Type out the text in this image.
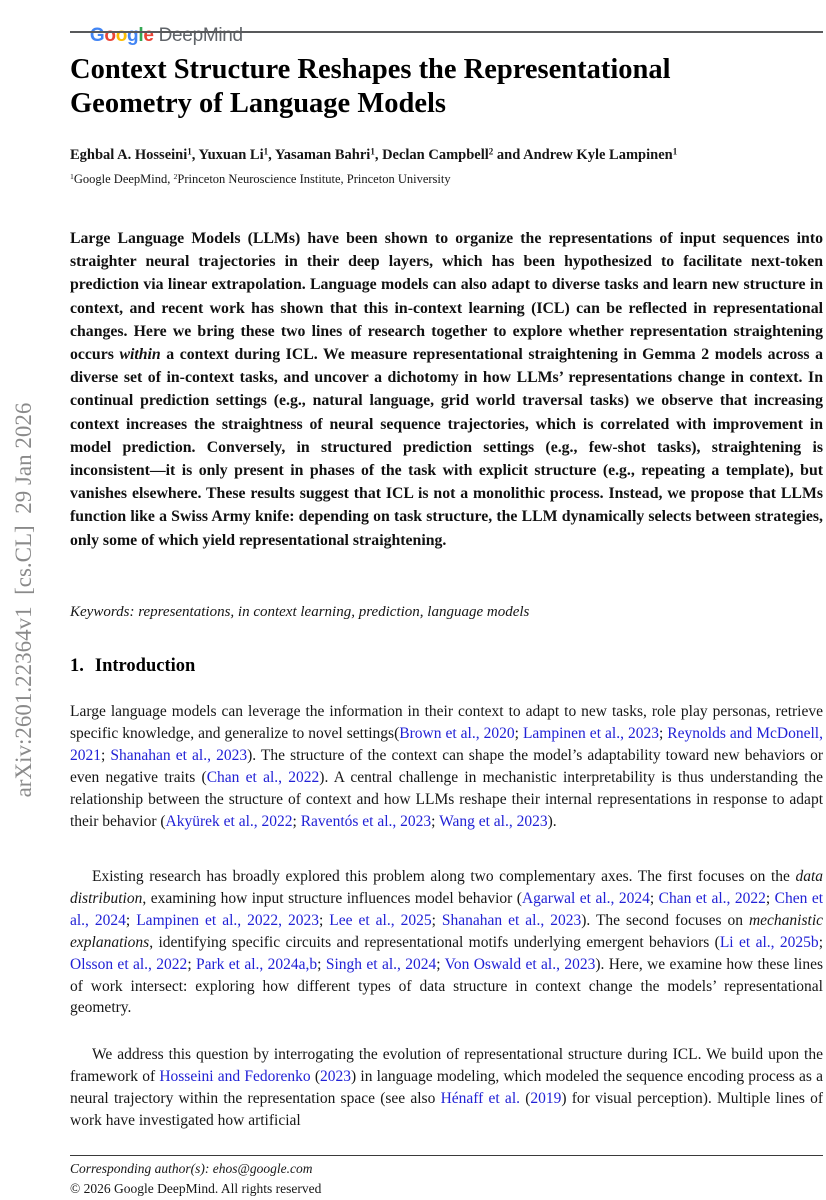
Google DeepMind

arXiv:2601.22364v1  [cs.CL]  29 Jan 2026
Context Structure Reshapes the Representational Geometry of Language Models
Eghbal A. Hosseini$^1$, Yuxuan Li$^1$, Yasaman Bahri$^1$, Declan Campbell$^2$ and Andrew Kyle Lampinen$^1$
$^1$Google DeepMind, $^2$Princeton Neuroscience Institute, Princeton University
Large Language Models (LLMs) have been shown to organize the representations of input sequences into straighter neural trajectories in their deep layers, which has been hypothesized to facilitate next-token prediction via linear extrapolation. Language models can also adapt to diverse tasks and learn new structure in context, and recent work has shown that this in-context learning (ICL) can be reflected in representational changes. Here we bring these two lines of research together to explore whether representation straightening occurs within a context during ICL. We measure representational straightening in Gemma 2 models across a diverse set of in-context tasks, and uncover a dichotomy in how LLMs’ representations change in context. In continual prediction settings (e.g., natural language, grid world traversal tasks) we observe that increasing context increases the straightness of neural sequence trajectories, which is correlated with improvement in model prediction. Conversely, in structured prediction settings (e.g., few-shot tasks), straightening is inconsistent—it is only present in phases of the task with explicit structure (e.g., repeating a template), but vanishes elsewhere. These results suggest that ICL is not a monolithic process. Instead, we propose that LLMs function like a Swiss Army knife: depending on task structure, the LLM dynamically selects between strategies, only some of which yield representational straightening.
Keywords: representations, in context learning, prediction, language models
1. Introduction

Large language models can leverage the information in their context to adapt to new tasks, role play personas, retrieve specific knowledge, and generalize to novel settings(Brown et al., 2020; Lampinen et al., 2023; Reynolds and McDonell, 2021; Shanahan et al., 2023). The structure of the context can shape the model’s adaptability toward new behaviors or even negative traits (Chan et al., 2022). A central challenge in mechanistic interpretability is thus understanding the relationship between the structure of context and how LLMs reshape their internal representations in response to adapt their behavior (Akyürek et al., 2022; Raventós et al., 2023; Wang et al., 2023).

Existing research has broadly explored this problem along two complementary axes. The first focuses on the data distribution, examining how input structure influences model behavior (Agarwal et al., 2024; Chan et al., 2022; Chen et al., 2024; Lampinen et al., 2022, 2023; Lee et al., 2025; Shanahan et al., 2023). The second focuses on mechanistic explanations, identifying specific circuits and representational motifs underlying emergent behaviors (Li et al., 2025b; Olsson et al., 2022; Park et al., 2024a,b; Singh et al., 2024; Von Oswald et al., 2023). Here, we examine how these lines of work intersect: exploring how different types of data structure in context change the models’ representational geometry.

We address this question by interrogating the evolution of representational structure during ICL. We build upon the framework of Hosseini and Fedorenko (2023) in language modeling, which modeled the sequence encoding process as a neural trajectory within the representation space (see also Hénaff et al. (2019) for visual perception). Multiple lines of work have investigated how artificial

Corresponding author(s): ehos@google.com
© 2026 Google DeepMind. All rights reserved
